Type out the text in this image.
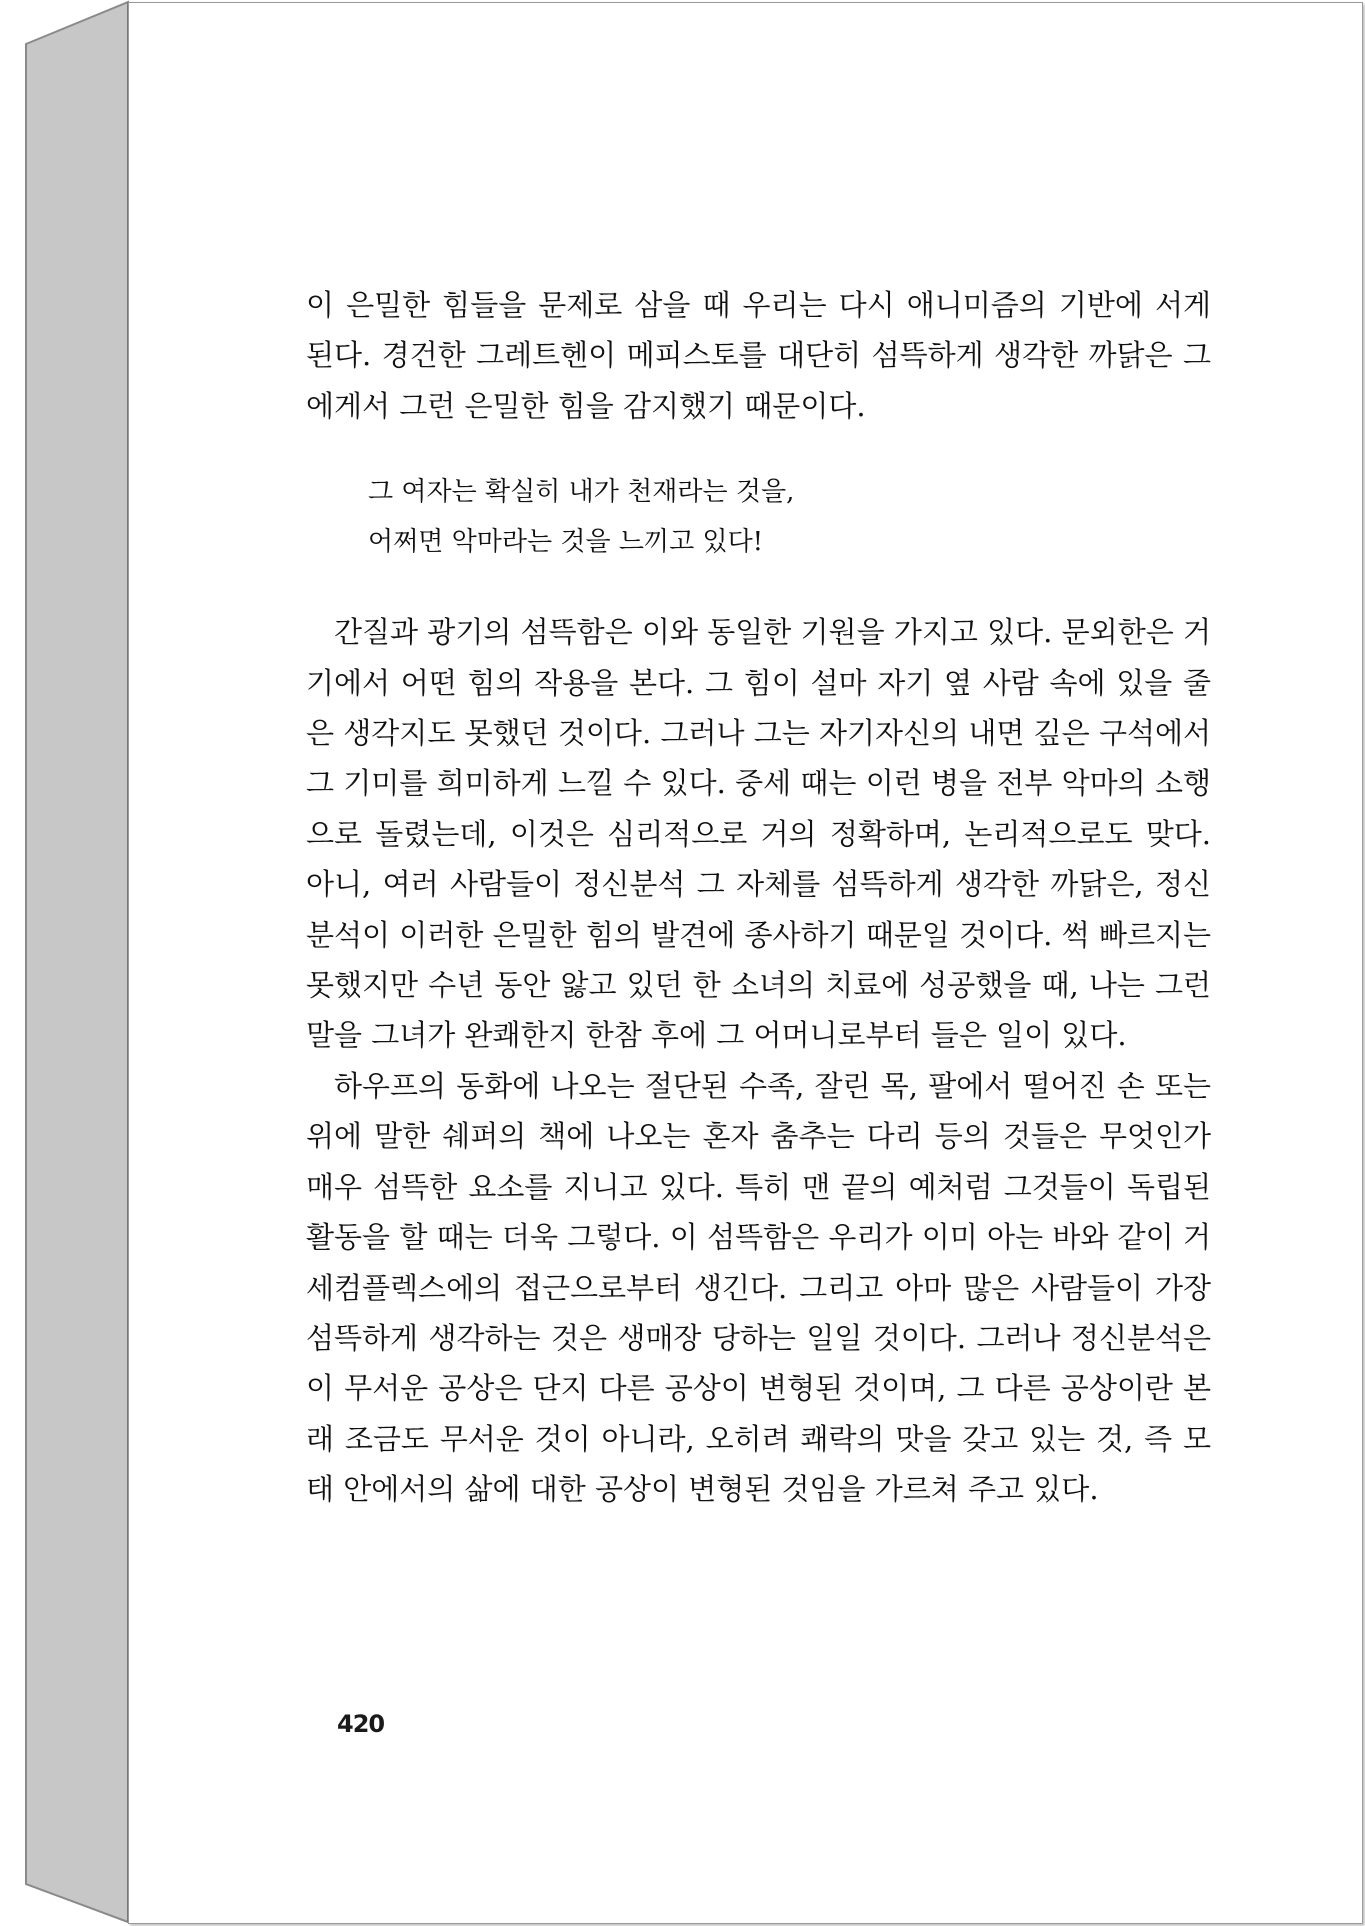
이 은밀한 힘들을 문제로 삼을 때 우리는 다시 애니미즘의 기반에 서게 된다. 경건한 그레트헨이 메피스토를 대단히 섬뜩하게 생각한 까닭은 그에게서 그런 은밀한 힘을 감지했기 때문이다.

그 여자는 확실히 내가 천재라는 것을,
어쩌면 악마라는 것을 느끼고 있다!

간질과 광기의 섬뜩함은 이와 동일한 기원을 가지고 있다. 문외한은 거기에서 어떤 힘의 작용을 본다. 그 힘이 설마 자기 옆 사람 속에 있을 줄은 생각지도 못했던 것이다. 그러나 그는 자기자신의 내면 깊은 구석에서 그 기미를 희미하게 느낄 수 있다. 중세 때는 이런 병을 전부 악마의 소행으로 돌렸는데, 이것은 심리적으로 거의 정확하며, 논리적으로도 맞다. 아니, 여러 사람들이 정신분석 그 자체를 섬뜩하게 생각한 까닭은, 정신분석이 이러한 은밀한 힘의 발견에 종사하기 때문일 것이다. 썩 빠르지는 못했지만 수년 동안 앓고 있던 한 소녀의 치료에 성공했을 때, 나는 그런 말을 그녀가 완쾌한지 한참 후에 그 어머니로부터 들은 일이 있다.

하우프의 동화에 나오는 절단된 수족, 잘린 목, 팔에서 떨어진 손 또는 위에 말한 쉐퍼의 책에 나오는 혼자 춤추는 다리 등의 것들은 무엇인가 매우 섬뜩한 요소를 지니고 있다. 특히 맨 끝의 예처럼 그것들이 독립된 활동을 할 때는 더욱 그렇다. 이 섬뜩함은 우리가 이미 아는 바와 같이 거세컴플렉스에의 접근으로부터 생긴다. 그리고 아마 많은 사람들이 가장 섬뜩하게 생각하는 것은 생매장 당하는 일일 것이다. 그러나 정신분석은 이 무서운 공상은 단지 다른 공상이 변형된 것이며, 그 다른 공상이란 본래 조금도 무서운 것이 아니라, 오히려 쾌락의 맛을 갖고 있는 것, 즉 모태 안에서의 삶에 대한 공상이 변형된 것임을 가르쳐 주고 있다.

420
